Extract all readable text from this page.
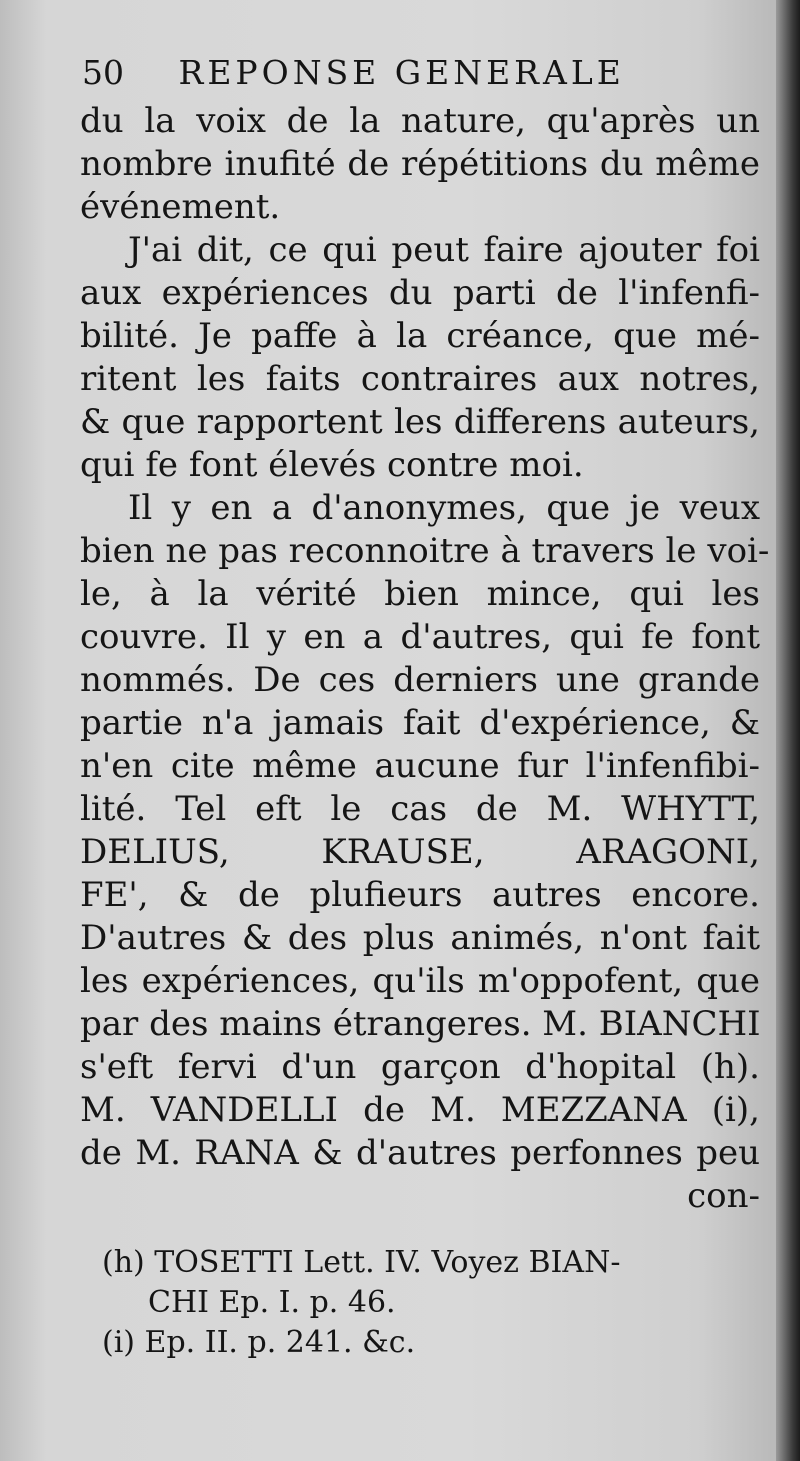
50 REPONSE GENERALE
du la voix de la nature, qu'après un
nombre inufité de répétitions du même
événement.
J'ai dit, ce qui peut faire ajouter foi
aux expériences du parti de l'infenfi-
bilité. Je paffe à la créance, que mé-
ritent les faits contraires aux notres,
& que rapportent les differens auteurs,
qui fe font élevés contre moi.
Il y en a d'anonymes, que je veux
bien ne pas reconnoitre à travers le voi-
le, à la vérité bien mince, qui les
couvre. Il y en a d'autres, qui fe font
nommés. De ces derniers une grande
partie n'a jamais fait d'expérience, &
n'en cite même aucune fur l'infenfibi-
lité. Tel eft le cas de M. WHYTT,
DELIUS, KRAUSE, ARAGONI,
FE', & de plufieurs autres encore.
D'autres & des plus animés, n'ont fait
les expériences, qu'ils m'oppofent, que
par des mains étrangeres. M. BIANCHI
s'eft fervi d'un garçon d'hopital (h).
M. VANDELLI de M. MEZZANA (i),
de M. RANA & d'autres perfonnes peu
con-
(h) TOSETTI Lett. IV. Voyez BIAN-
CHI Ep. I. p. 46.
(i) Ep. II. p. 241. &c.
